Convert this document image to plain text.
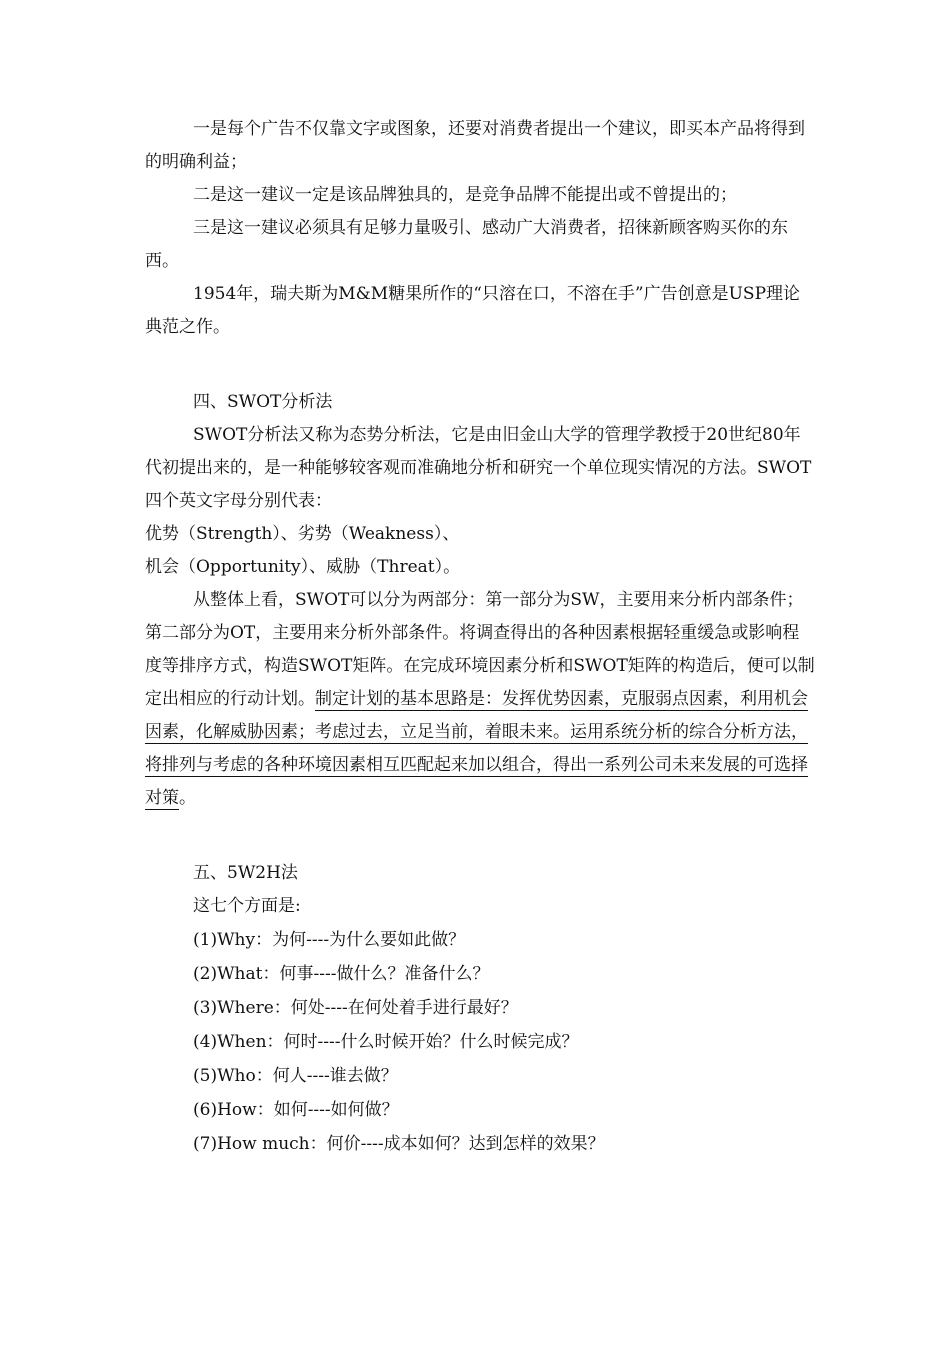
一是每个广告不仅靠文字或图象，还要对消费者提出一个建议，即买本产品将得到的明确利益；

二是这一建议一定是该品牌独具的，是竞争品牌不能提出或不曾提出的；

三是这一建议必须具有足够力量吸引、感动广大消费者，招徕新顾客购买你的东西。

1954年，瑞夫斯为M&M糖果所作的“只溶在口，不溶在手”广告创意是USP理论典范之作。

四、SWOT分析法

SWOT分析法又称为态势分析法，它是由旧金山大学的管理学教授于20世纪80年代初提出来的，是一种能够较客观而准确地分析和研究一个单位现实情况的方法。SWOT四个英文字母分别代表：

优势（Strength）、劣势（Weakness）、

机会（Opportunity）、威胁（Threat）。

从整体上看，SWOT可以分为两部分：第一部分为SW，主要用来分析内部条件；第二部分为OT，主要用来分析外部条件。将调查得出的各种因素根据轻重缓急或影响程度等排序方式，构造SWOT矩阵。在完成环境因素分析和SWOT矩阵的构造后，便可以制定出相应的行动计划。制定计划的基本思路是：发挥优势因素，克服弱点因素，利用机会因素，化解威胁因素；考虑过去，立足当前，着眼未来。运用系统分析的综合分析方法，将排列与考虑的各种环境因素相互匹配起来加以组合，得出一系列公司未来发展的可选择对策。

五、5W2H法

这七个方面是:

(1)Why：为何----为什么要如此做？

(2)What：何事----做什么？准备什么？

(3)Where：何处----在何处着手进行最好？

(4)When：何时----什么时候开始？什么时候完成？

(5)Who：何人----谁去做？

(6)How：如何----如何做？

(7)How much：何价----成本如何？达到怎样的效果？
